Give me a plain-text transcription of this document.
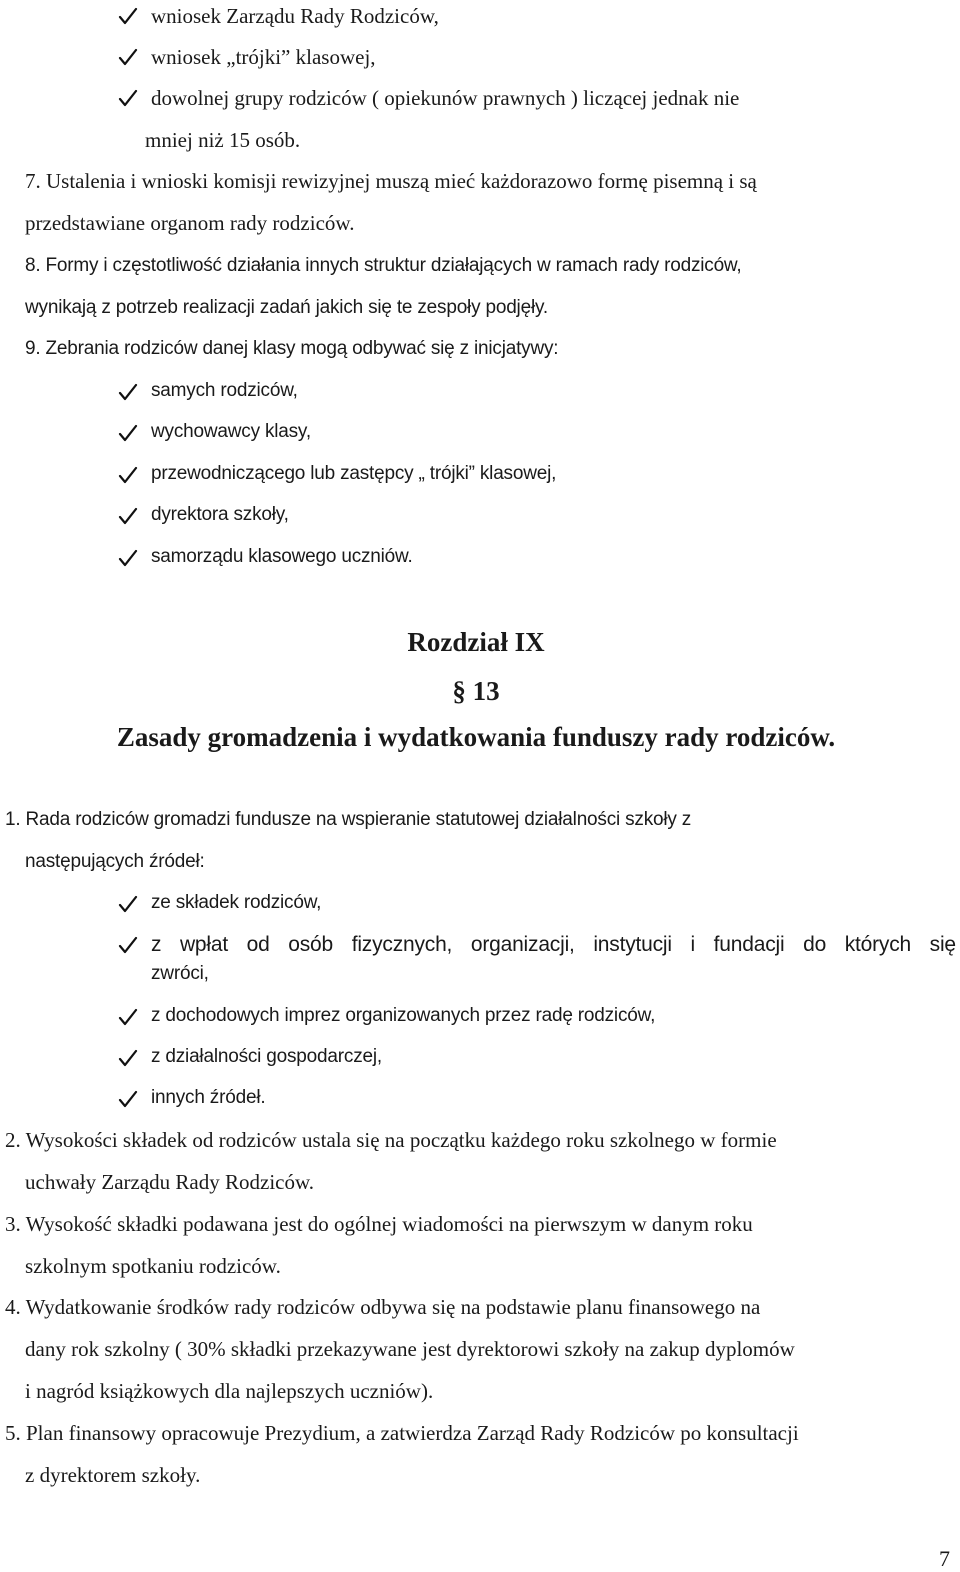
wniosek Zarządu Rady Rodziców,

wniosek „trójki” klasowej,

dowolnej grupy rodziców ( opiekunów prawnych ) liczącej jednak nie

mniej niż 15 osób.

7. Ustalenia i wnioski komisji rewizyjnej muszą mieć każdorazowo formę pisemną i są

przedstawiane organom rady rodziców.

8. Formy i częstotliwość działania innych struktur działających w ramach rady rodziców,

wynikają z potrzeb realizacji zadań jakich się te zespoły podjęły.

9. Zebrania rodziców danej klasy mogą odbywać się z inicjatywy:

samych rodziców,

wychowawcy klasy,

przewodniczącego lub zastępcy „ trójki” klasowej,

dyrektora szkoły,

samorządu klasowego uczniów.

Rozdział IX

§ 13

Zasady gromadzenia i wydatkowania funduszy rady rodziców.

1. Rada rodziców gromadzi fundusze na wspieranie statutowej działalności szkoły z

następujących źródeł:

ze składek rodziców,

z wpłat od osób fizycznych, organizacji, instytucji i fundacji do których się

zwróci,

z dochodowych imprez organizowanych przez radę rodziców,

z działalności gospodarczej,

innych źródeł.

2. Wysokości składek od rodziców ustala się na początku każdego roku szkolnego w formie

uchwały Zarządu Rady Rodziców.

3. Wysokość składki podawana jest do ogólnej wiadomości na pierwszym w danym roku

szkolnym spotkaniu rodziców.

4. Wydatkowanie środków rady rodziców odbywa się na podstawie planu finansowego na

dany rok szkolny ( 30% składki przekazywane jest dyrektorowi szkoły na zakup dyplomów

i nagród książkowych dla najlepszych uczniów).

5. Plan finansowy opracowuje Prezydium, a zatwierdza Zarząd Rady Rodziców po konsultacji

z dyrektorem szkoły.

7
